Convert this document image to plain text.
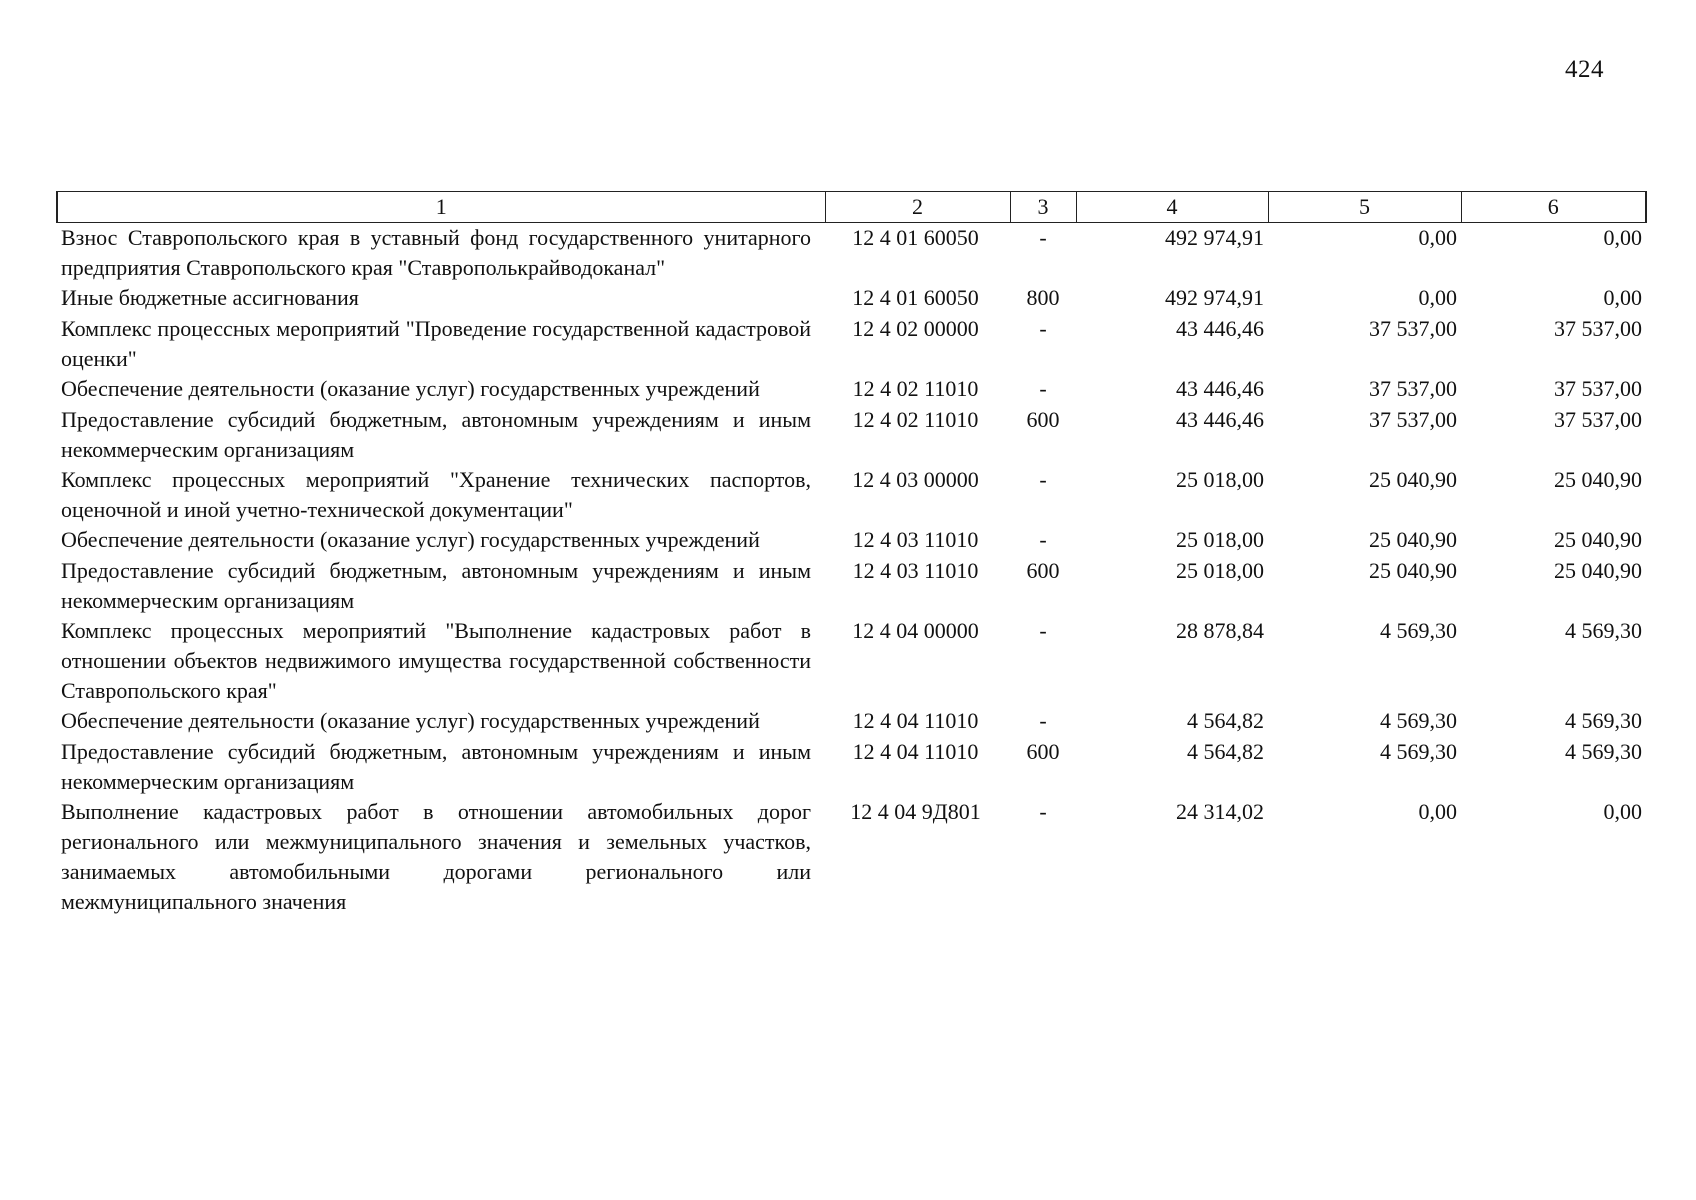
424
1	2	3	4	5	6
Взнос Ставропольского края в уставный фонд государственного унитарного предприятия Ставропольского края "Ставрополькрайводоканал"	12 4 01 60050	-	492 974,91	0,00	0,00
Иные бюджетные ассигнования	12 4 01 60050	800	492 974,91	0,00	0,00
Комплекс процессных мероприятий "Проведение государственной кадастровой оценки"	12 4 02 00000	-	43 446,46	37 537,00	37 537,00
Обеспечение деятельности (оказание услуг) государственных учреждений	12 4 02 11010	-	43 446,46	37 537,00	37 537,00
Предоставление субсидий бюджетным, автономным учреждениям и иным некоммерческим организациям	12 4 02 11010	600	43 446,46	37 537,00	37 537,00
Комплекс процессных мероприятий "Хранение технических паспортов, оценочной и иной учетно-технической документации"	12 4 03 00000	-	25 018,00	25 040,90	25 040,90
Обеспечение деятельности (оказание услуг) государственных учреждений	12 4 03 11010	-	25 018,00	25 040,90	25 040,90
Предоставление субсидий бюджетным, автономным учреждениям и иным некоммерческим организациям	12 4 03 11010	600	25 018,00	25 040,90	25 040,90
Комплекс процессных мероприятий "Выполнение кадастровых работ в отношении объектов недвижимого имущества государственной собственности Ставропольского края"	12 4 04 00000	-	28 878,84	4 569,30	4 569,30
Обеспечение деятельности (оказание услуг) государственных учреждений	12 4 04 11010	-	4 564,82	4 569,30	4 569,30
Предоставление субсидий бюджетным, автономным учреждениям и иным некоммерческим организациям	12 4 04 11010	600	4 564,82	4 569,30	4 569,30
Выполнение кадастровых работ в отношении автомобильных дорог регионального или межмуниципального значения и земельных участков, занимаемых автомобильными дорогами регионального или межмуниципального значения	12 4 04 9Д801	-	24 314,02	0,00	0,00
